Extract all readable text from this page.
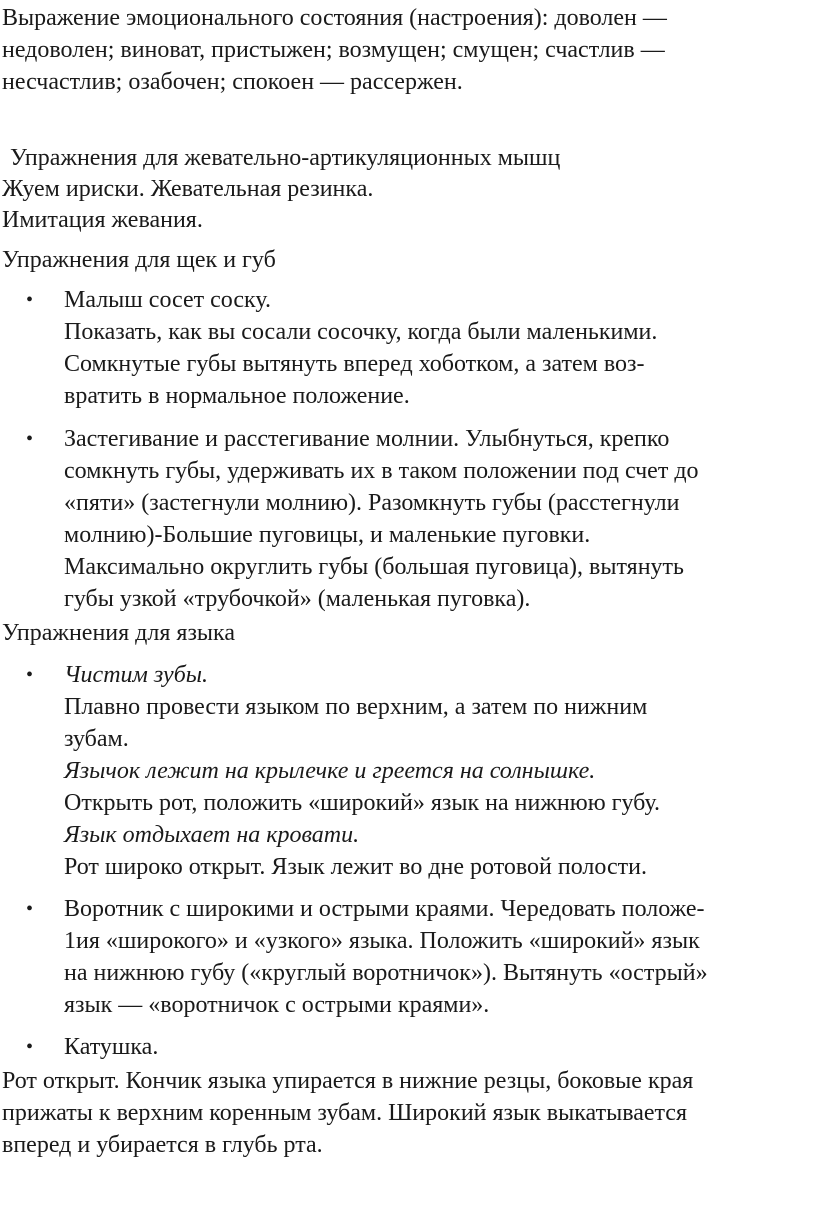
Выражение эмоционального состояния (настроения): доволен —
недоволен; виноват, пристыжен; возмущен; смущен; счастлив —
несчастлив; озабочен; спокоен — рассержен.

Упражнения для жевательно-артикуляционных мышц

Жуем ириски. Жевательная резинка.

Имитация жевания.

Упражнения для щек и губ

• Малыш сосет соску.
Показать, как вы сосали сосочку, когда были маленькими.
Сомкнутые губы вытянуть вперед хоботком, а затем воз-
вратить в нормальное положение.
• Застегивание и расстегивание молнии. Улыбнуться, крепко
сомкнуть губы, удерживать их в таком положении под счет до
«пяти» (застегнули молнию). Разомкнуть губы (расстегнули
молнию)-Большие пуговицы, и маленькие пуговки.
Максимально округлить губы (большая пуговица), вытянуть
губы узкой «трубочкой» (маленькая пуговка).

Упражнения для языка

• Чистим зубы.
Плавно провести языком по верхним, а затем по нижним
зубам.
Язычок лежит на крылечке и греется на солнышке.
Открыть рот, положить «широкий» язык на нижнюю губу.
Язык отдыхает на кровати.
Рот широко открыт. Язык лежит во дне ротовой полости.
• Воротник с широкими и острыми краями. Чередовать положе-
1ия «широкого» и «узкого» языка. Положить «широкий» язык
на нижнюю губу («круглый воротничок»). Вытянуть «острый»
язык — «воротничок с острыми краями».
• Катушка.

Рот открыт. Кончик языка упирается в нижние резцы, боковые края
прижаты к верхним коренным зубам. Широкий язык выкатывается
вперед и убирается в глубь рта.
